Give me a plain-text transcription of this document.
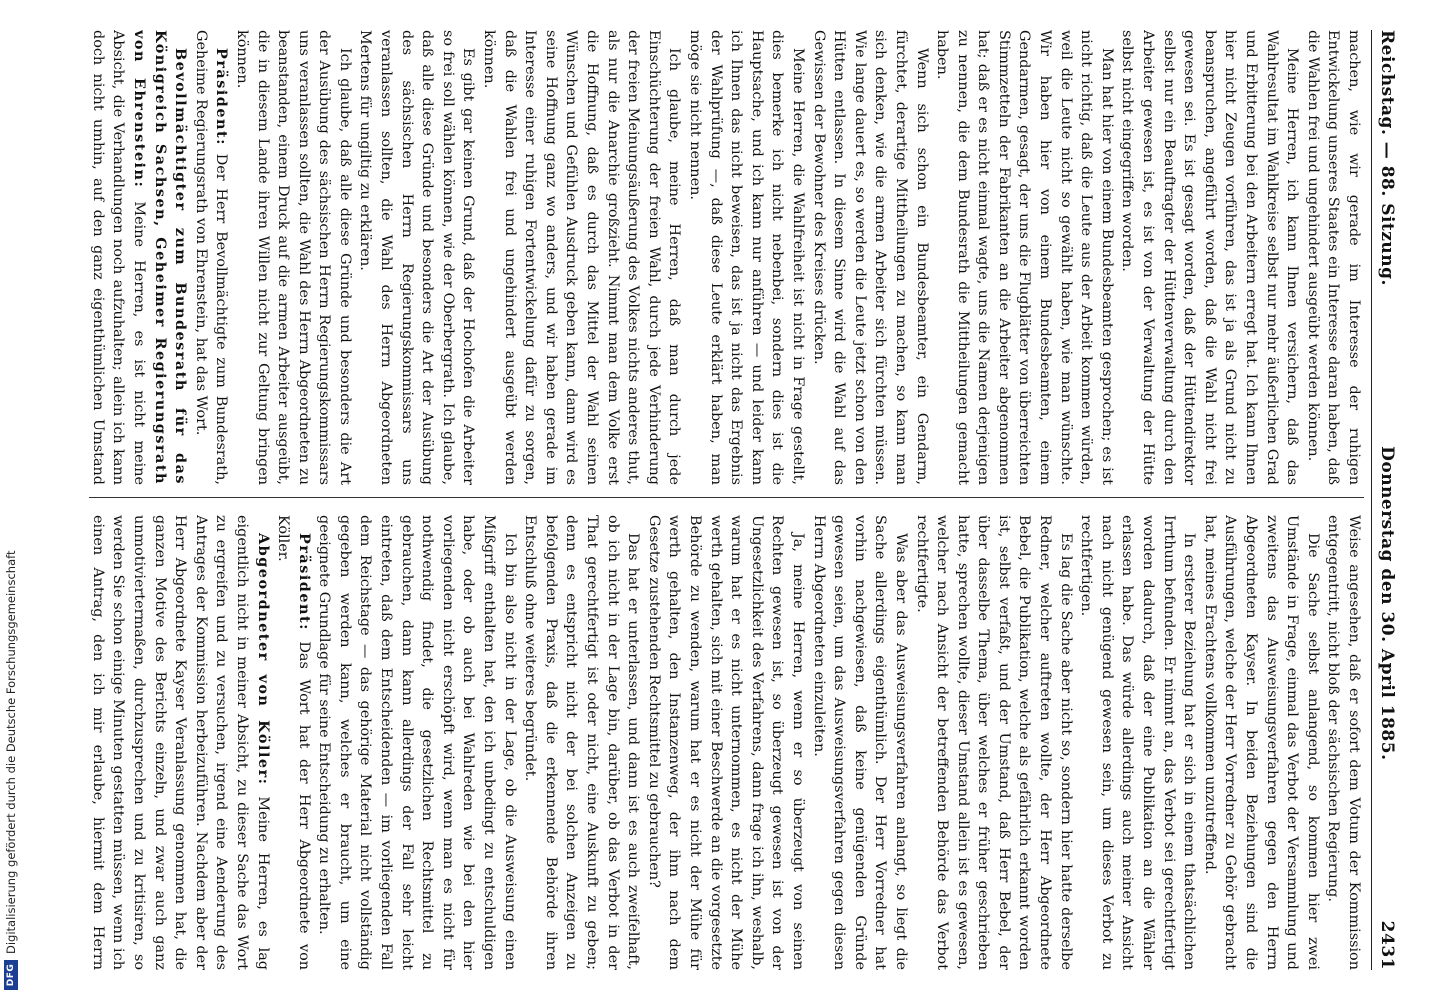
Reichstag. — 88. Sitzung.
Donnerstag den 30. April 1885.
2431

machen, wie wir gerade im Interesse der ruhigen Entwickelung unseres Staates ein Interesse daran haben, daß die Wahlen frei und ungehindert ausgeübt werden können.

Meine Herren, ich kann Ihnen versichern, daß das Wahlresultat im Wahlkreise selbst nur mehr äußerlichen Grad und Erbitterung bei den Arbeitern erregt hat. Ich kann Ihnen hier nicht Zeugen vorführen, das ist ja als Grund nicht zu beanspruchen, angeführt worden, daß die Wahl nicht frei gewesen sei. Es ist gesagt worden, daß der Hüttendirektor selbst nur ein Beauftragter der Hüttenverwaltung durch den Arbeiter gewesen ist, es ist von der Verwaltung der Hütte selbst nicht eingegriffen worden.

Man hat hier von einem Bundesbeamten gesprochen; es ist nicht richtig, daß die Leute aus der Arbeit kommen würden, weil die Leute nicht so gewählt haben, wie man wünschte. Wir haben hier von einem Bundesbeamten, einem Gendarmen, gesagt, der uns die Flugblätter von überreichten Stimmzetteln der Fabrikanten an die Arbeiter abgenommen hat; daß er es nicht einmal wagte, uns die Namen derjenigen zu nennen, die dem Bundesrath die Mittheilungen gemacht haben.

Wenn sich schon ein Bundesbeamter, ein Gendarm, fürchtet, derartige Mittheilungen zu machen, so kann man sich denken, wie die armen Arbeiter sich fürchten müssen. Wie lange dauert es, so werden die Leute jetzt schon von den Hütten entlassen. In diesem Sinne wird die Wahl auf das Gewissen der Bewohner des Kreises drücken.

Meine Herren, die Wahlfreiheit ist nicht in Frage gestellt, dies bemerke ich nicht nebenbei, sondern dies ist die Hauptsache, und ich kann nur anführen — und leider kann ich Ihnen das nicht beweisen, das ist ja nicht das Ergebnis der Wahlprüfung —, daß diese Leute erklärt haben, man möge sie nicht nennen.

Ich glaube, meine Herren, daß man durch jede Einschüchterung der freien Wahl, durch jede Verhinderung der freien Meinungsäußerung des Volkes nichts anderes thut, als nur die Anarchie großzieht. Nimmt man dem Volke erst die Hoffnung, daß es durch das Mittel der Wahl seinen Wünschen und Gefühlen Ausdruck geben kann, dann wird es seine Hoffnung ganz wo anders, und wir haben gerade im Interesse einer ruhigen Fortentwickelung dafür zu sorgen, daß die Wahlen frei und ungehindert ausgeübt werden können.

Es gibt gar keinen Grund, daß der Hochofen die Arbeiter so frei soll wählen können, wie der Oberbergrath. Ich glaube, daß alle diese Gründe und besonders die Art der Ausübung des sächsischen Herrn Regierungskommissars uns veranlassen sollten, die Wahl des Herrn Abgeordneten Mertens für ungiltig zu erklären.

Ich glaube, daß alle diese Gründe und besonders die Art der Ausübung des sächsischen Herrn Regierungskommissars uns veranlassen sollten, die Wahl des Herrn Abgeordneten zu beanstanden, einem Druck auf die armen Arbeiter ausgeübt, die in diesem Lande ihren Willen nicht zur Geltung bringen können.

Präsident: Der Herr Bevollmächtigte zum Bundesrath, Geheime Regierungsrath von Ehrenstein, hat das Wort.

Bevollmächtigter zum Bundesrath für das Königreich Sachsen, Geheimer Regierungsrath von Ehrenstein: Meine Herren, es ist nicht meine Absicht, die Verhandlungen noch aufzuhalten; allein ich kann doch nicht umhin, auf den ganz eigenthümlichen Umstand

Weise angesehen, daß er sofort dem Votum der Kommission entgegentritt, nicht bloß der sächsischen Regierung.

Die Sache selbst anlangend, so kommen hier zwei Umstände in Frage, einmal das Verbot der Versammlung und zweitens das Ausweisungsverfahren gegen den Herrn Abgeordneten Kayser. In beiden Beziehungen sind die Ausführungen, welche der Herr Vorredner zu Gehör gebracht hat, meines Erachtens vollkommen unzutreffend.

In ersterer Beziehung hat er sich in einem thatsächlichen Irrthum befunden. Er nimmt an, das Verbot sei gerechtfertigt worden dadurch, daß der eine Publikation an die Wähler erlassen habe. Das würde allerdings auch meiner Ansicht nach nicht genügend gewesen sein, um dieses Verbot zu rechtfertigen.

Es lag die Sache aber nicht so, sondern hier hatte derselbe Redner, welcher auftreten wollte, der Herr Abgeordnete Bebel, die Publikation, welche als gefährlich erkannt worden ist, selbst verfaßt, und der Umstand, daß Herr Bebel, der über dasselbe Thema, über welches er früher geschrieben hatte, sprechen wollte, dieser Umstand allein ist es gewesen, welcher nach Ansicht der betreffenden Behörde das Verbot rechtfertigte.

Was aber das Ausweisungsverfahren anlangt, so liegt die Sache allerdings eigenthümlich. Der Herr Vorredner hat vorhin nachgewiesen, daß keine genügenden Gründe gewesen seien, um das Ausweisungsverfahren gegen diesen Herrn Abgeordneten einzuleiten.

Ja, meine Herren, wenn er so überzeugt von seinen Rechten gewesen ist, so überzeugt gewesen ist von der Ungesetzlichkeit des Verfahrens, dann frage ich ihn, weshalb, warum hat er es nicht unternommen, es nicht der Mühe werth gehalten, sich mit einer Beschwerde an die vorgesetzte Behörde zu wenden, warum hat er es nicht der Mühe für werth gehalten, den Instanzenweg, der ihm nach dem Gesetze zustehenden Rechtsmittel zu gebrauchen?

Das hat er unterlassen, und dann ist es auch zweifelhaft, ob ich nicht in der Lage bin, darüber, ob das Verbot in der That gerechtfertigt ist oder nicht, eine Auskunft zu geben; denn es entspricht nicht der bei solchen Anzeigen zu befolgenden Praxis, daß die erkennende Behörde ihren Entschluß ohne weiteres begründet.

Ich bin also nicht in der Lage, ob die Ausweisung einen Mißgriff enthalten hat, den ich unbedingt zu entschuldigen habe, oder ob auch bei Wahlreden wie bei den hier vorliegenden nicht erschöpft wird, wenn man es nicht für nothwendig findet, die gesetzlichen Rechtsmittel zu gebrauchen, dann kann allerdings der Fall sehr leicht eintreten, daß dem Entscheidenden — im vorliegenden Fall dem Reichstage — das gehörige Material nicht vollständig gegeben werden kann, welches er braucht, um eine geeignete Grundlage für seine Entscheidung zu erhalten.

Präsident: Das Wort hat der Herr Abgeordnete von Köller.

Abgeordneter von Köller: Meine Herren, es lag eigentlich nicht in meiner Absicht, zu dieser Sache das Wort zu ergreifen und zu versuchen, irgend eine Aenderung des Antrages der Kommission herbeizuführen. Nachdem aber der Herr Abgeordnete Kayser Veranlassung genommen hat, die ganzen Motive des Berichts einzeln, und zwar auch ganz unmotiviertermaßen, durchzusprechen und zu kritisiren, so werden Sie schon einige Minuten gestatten müssen, wenn ich einen Antrag, den ich mir erlaube, hiermit dem Herrn

DFG
Digitalisierung gefördert durch die Deutsche Forschungsgemeinschaft
